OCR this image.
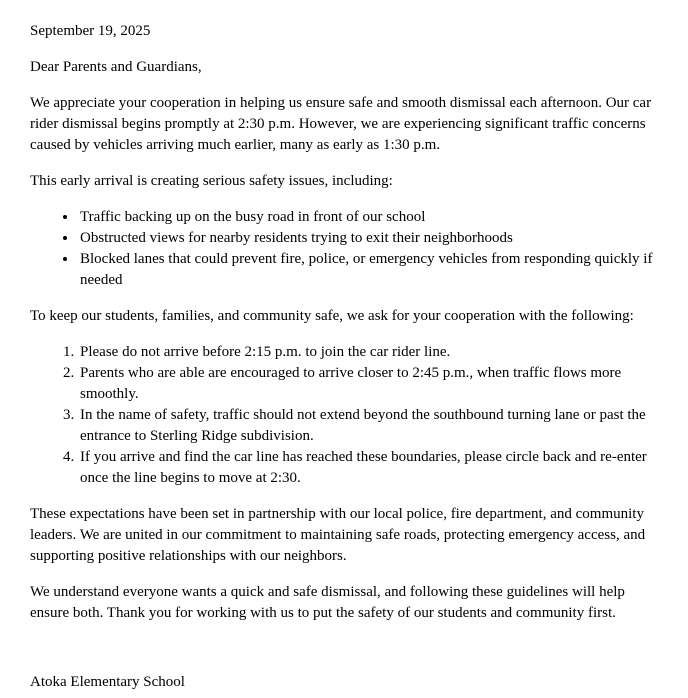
September 19, 2025

Dear Parents and Guardians,

We appreciate your cooperation in helping us ensure safe and smooth dismissal each afternoon. Our car rider dismissal begins promptly at 2:30 p.m. However, we are experiencing significant traffic concerns caused by vehicles arriving much earlier, many as early as 1:30 p.m.

This early arrival is creating serious safety issues, including:

• Traffic backing up on the busy road in front of our school
• Obstructed views for nearby residents trying to exit their neighborhoods
• Blocked lanes that could prevent fire, police, or emergency vehicles from responding quickly if needed

To keep our students, families, and community safe, we ask for your cooperation with the following:

1. Please do not arrive before 2:15 p.m. to join the car rider line.
2. Parents who are able are encouraged to arrive closer to 2:45 p.m., when traffic flows more smoothly.
3. In the name of safety, traffic should not extend beyond the southbound turning lane or past the entrance to Sterling Ridge subdivision.
4. If you arrive and find the car line has reached these boundaries, please circle back and re-enter once the line begins to move at 2:30.

These expectations have been set in partnership with our local police, fire department, and community leaders. We are united in our commitment to maintaining safe roads, protecting emergency access, and supporting positive relationships with our neighbors.

We understand everyone wants a quick and safe dismissal, and following these guidelines will help ensure both. Thank you for working with us to put the safety of our students and community first.

Atoka Elementary School
